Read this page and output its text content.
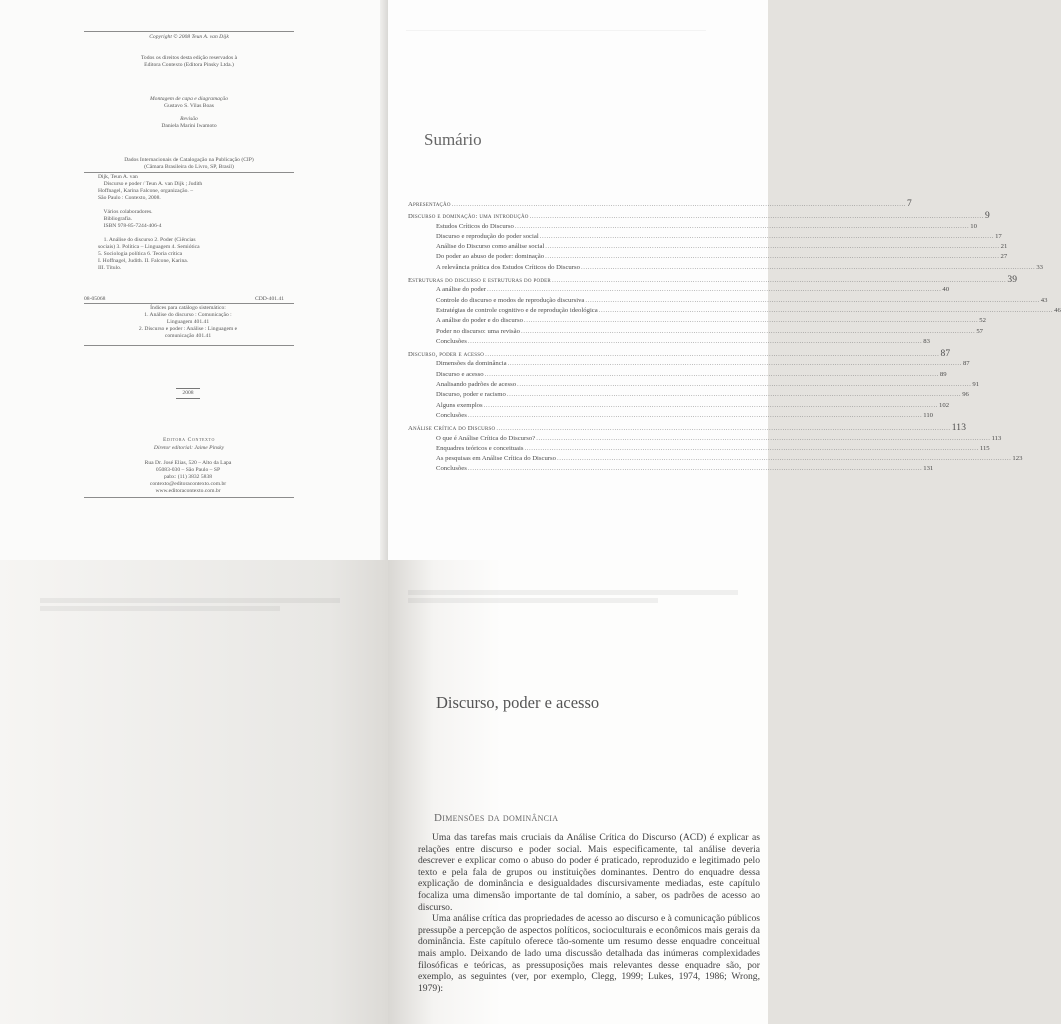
Copyright © 2008 Teun A. van Dijk
Todos os direitos desta edição reservados à
Editora Contexto (Editora Pinsky Ltda.)
Montagem de capa e diagramação
Gustavo S. Vilas Boas
Revisão
Daniela Marini Iwamoto
Dados Internacionais de Catalogação na Publicação (CIP)
(Câmara Brasileira do Livro, SP, Brasil)
Dijk, Teun A. van
Discurso e poder / Teun A. van Dijk ; Judith
Hoffnagel, Karina Falcone, organização. –
São Paulo : Contexto, 2008.
Vários colaboradores.
Bibliografia.
ISBN 978-85-7244-406-4
1. Análise do discurso 2. Poder (Ciências
sociais) 3. Política – Linguagem 4. Semiótica
5. Sociologia política 6. Teoria crítica
I. Hoffnagel, Judith. II. Falcone, Karina.
III. Título.
08-05068	CDD-401.41
Índices para catálogo sistemático:
1. Análise do discurso : Comunicação :
Linguagem 401.41
2. Discurso e poder : Análise : Linguagem e
comunicação 401.41
2008
Editora Contexto
Diretor editorial: Jaime Pinsky
Rua Dr. José Elias, 520 – Alto da Lapa
05083-030 – São Paulo – SP
pabx: (11) 3832 5838
contexto@editoracontexto.com.br
www.editoracontexto.com.br
Sumário
Apresentação ........................................................................................................................................................................................................ 7
Discurso e dominação: uma introdução ........................................................................................................................................................................................................ 9
Estudos Críticos do Discurso ........................................................................................................................................................................................................ 10
Discurso e reprodução do poder social ........................................................................................................................................................................................................ 17
Análise do Discurso como análise social ........................................................................................................................................................................................................ 21
Do poder ao abuso de poder: dominação ........................................................................................................................................................................................................ 27
A relevância prática dos Estudos Críticos do Discurso ........................................................................................................................................................................................................ 33
Estruturas do discurso e estruturas do poder ........................................................................................................................................................................................................ 39
A análise do poder ........................................................................................................................................................................................................ 40
Controle do discurso e modos de reprodução discursiva ........................................................................................................................................................................................................ 43
Estratégias de controle cognitivo e de reprodução ideológica ........................................................................................................................................................................................................ 46
A análise do poder e do discurso ........................................................................................................................................................................................................ 52
Poder no discurso: uma revisão ........................................................................................................................................................................................................ 57
Conclusões ........................................................................................................................................................................................................ 83
Discurso, poder e acesso ........................................................................................................................................................................................................ 87
Dimensões da dominância ........................................................................................................................................................................................................ 87
Discurso e acesso ........................................................................................................................................................................................................ 89
Analisando padrões de acesso ........................................................................................................................................................................................................ 91
Discurso, poder e racismo ........................................................................................................................................................................................................ 96
Alguns exemplos ........................................................................................................................................................................................................ 102
Conclusões ........................................................................................................................................................................................................ 110
Análise Crítica do Discurso ........................................................................................................................................................................................................ 113
O que é Análise Crítica do Discurso? ........................................................................................................................................................................................................ 113
Enquadres teóricos e conceituais ........................................................................................................................................................................................................ 115
As pesquisas em Análise Crítica do Discurso ........................................................................................................................................................................................................ 123
Conclusões ........................................................................................................................................................................................................ 131
Discurso, poder e acesso
Dimensões da dominância

Uma das tarefas mais cruciais da Análise Crítica do Discurso (ACD) é explicar as relações entre discurso e poder social. Mais especificamente, tal análise deveria descrever e explicar como o abuso do poder é praticado, reproduzido e legitimado pelo texto e pela fala de grupos ou instituições dominantes. Dentro do enquadre dessa explicação de dominância e desigualdades discursivamente mediadas, este capítulo focaliza uma dimensão importante de tal domínio, a saber, os padrões de acesso ao discurso.

Uma análise crítica das propriedades de acesso ao discurso e à comunicação públicos pressupõe a percepção de aspectos políticos, socioculturais e econômicos mais gerais da dominância. Este capítulo oferece tão-somente um resumo desse enquadre conceitual mais amplo. Deixando de lado uma discussão detalhada das inúmeras complexidades filosóficas e teóricas, as pressuposições mais relevantes desse enquadre são, por exemplo, as seguintes (ver, por exemplo, Clegg, 1999; Lukes, 1974, 1986; Wrong, 1979):
